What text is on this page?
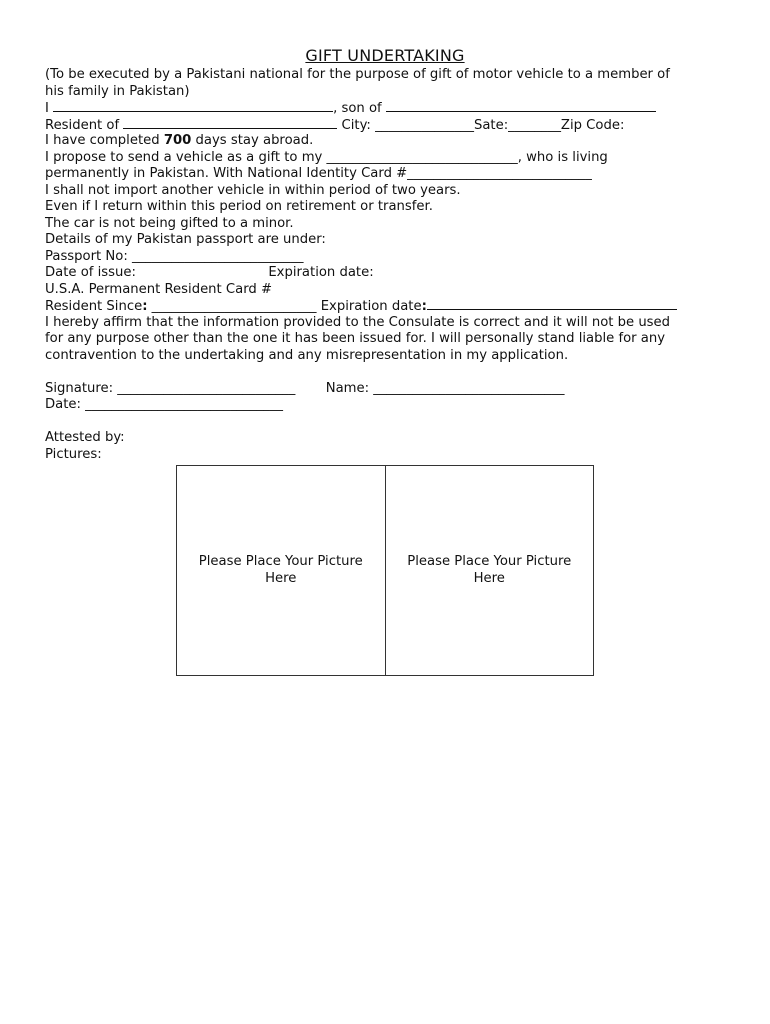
GIFT UNDERTAKING
(To be executed by a Pakistani national for the purpose of gift of motor vehicle to a member of
his family in Pakistan)
I	, son of
Resident of	City: _______________Sate:________Zip Code:
I have completed 700 days stay abroad.
I propose to send a vehicle as a gift to my _____________________________, who is living
permanently in Pakistan. With National Identity Card #____________________________
I shall not import another vehicle in within period of two years.
Even if I return within this period on retirement or transfer.
The car is not being gifted to a minor.
Details of my Pakistan passport are under:
Passport No: __________________________
Date of issue:	Expiration date:
U.S.A. Permanent Resident Card #
Resident Since: _________________________ Expiration date:
I hereby affirm that the information provided to the Consulate is correct and it will not be used
for any purpose other than the one it has been issued for. I will personally stand liable for any
contravention to the undertaking and any misrepresentation in my application.
Signature: ___________________________ Name: _____________________________
Date: ______________________________
Attested by:
Pictures:
Please Place Your Picture Here
Please Place Your Picture Here
